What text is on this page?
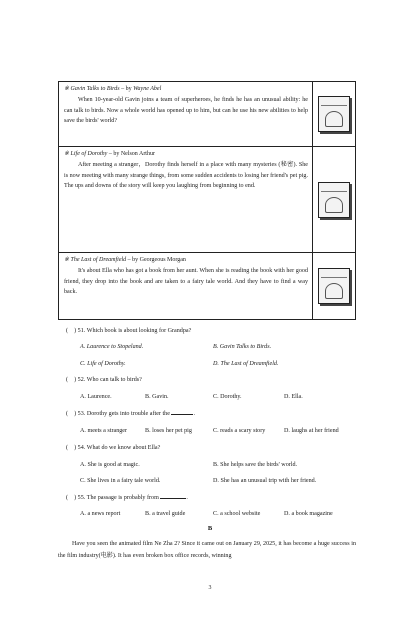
※ Gavin Talks to Birds – by Wayne Abel
When 10-year-old Gavin joins a team of superheroes, he finds he has an unusual ability: he can talk to birds. Now a whole world has opened up to him, but can he use his new abilities to help save the birds' world?
※ Life of Dorothy – by Nelson Arthur
After meeting a stranger，Dorothy finds herself in a place with many mysteries (秘密). She is now meeting with many strange things, from some sudden accidents to losing her friend's pet pig. The ups and downs of the story will keep you laughing from beginning to end.
※ The Last of Dreamfield – by Georgeous Morgan
It's about Ella who has got a book from her aunt. When she is reading the book with her good friend, they drop into the book and are taken to a fairy tale world. And they have to find a way back.
(　) 51. Which book is about looking for Grandpa?
A. Laurence to Stopeland.	B. Gavin Talks to Birds.
C. Life of Dorothy.	D. The Last of Dreamfield.
(　) 52. Who can talk to birds?
A. Laurence.	B. Gavin.	C. Dorothy.	D. Ella.
(　) 53. Dorothy gets into trouble after the	.
A. meets a stranger	B. loses her pet pig	C. reads a scary story	D. laughs at her friend
(　) 54. What do we know about Ella?
A. She is good at magic.	B. She helps save the birds' world.
C. She lives in a fairy tale world.	D. She has an unusual trip with her friend.
(　) 55. The passage is probably from	.
A. a news report	B. a travel guide	C. a school website	D. a book magazine
B
Have you seen the animated film Ne Zha 2? Since it came out on January 29, 2025, it has become a huge success in the film industry(电影). It has even broken box office records, winning
3
